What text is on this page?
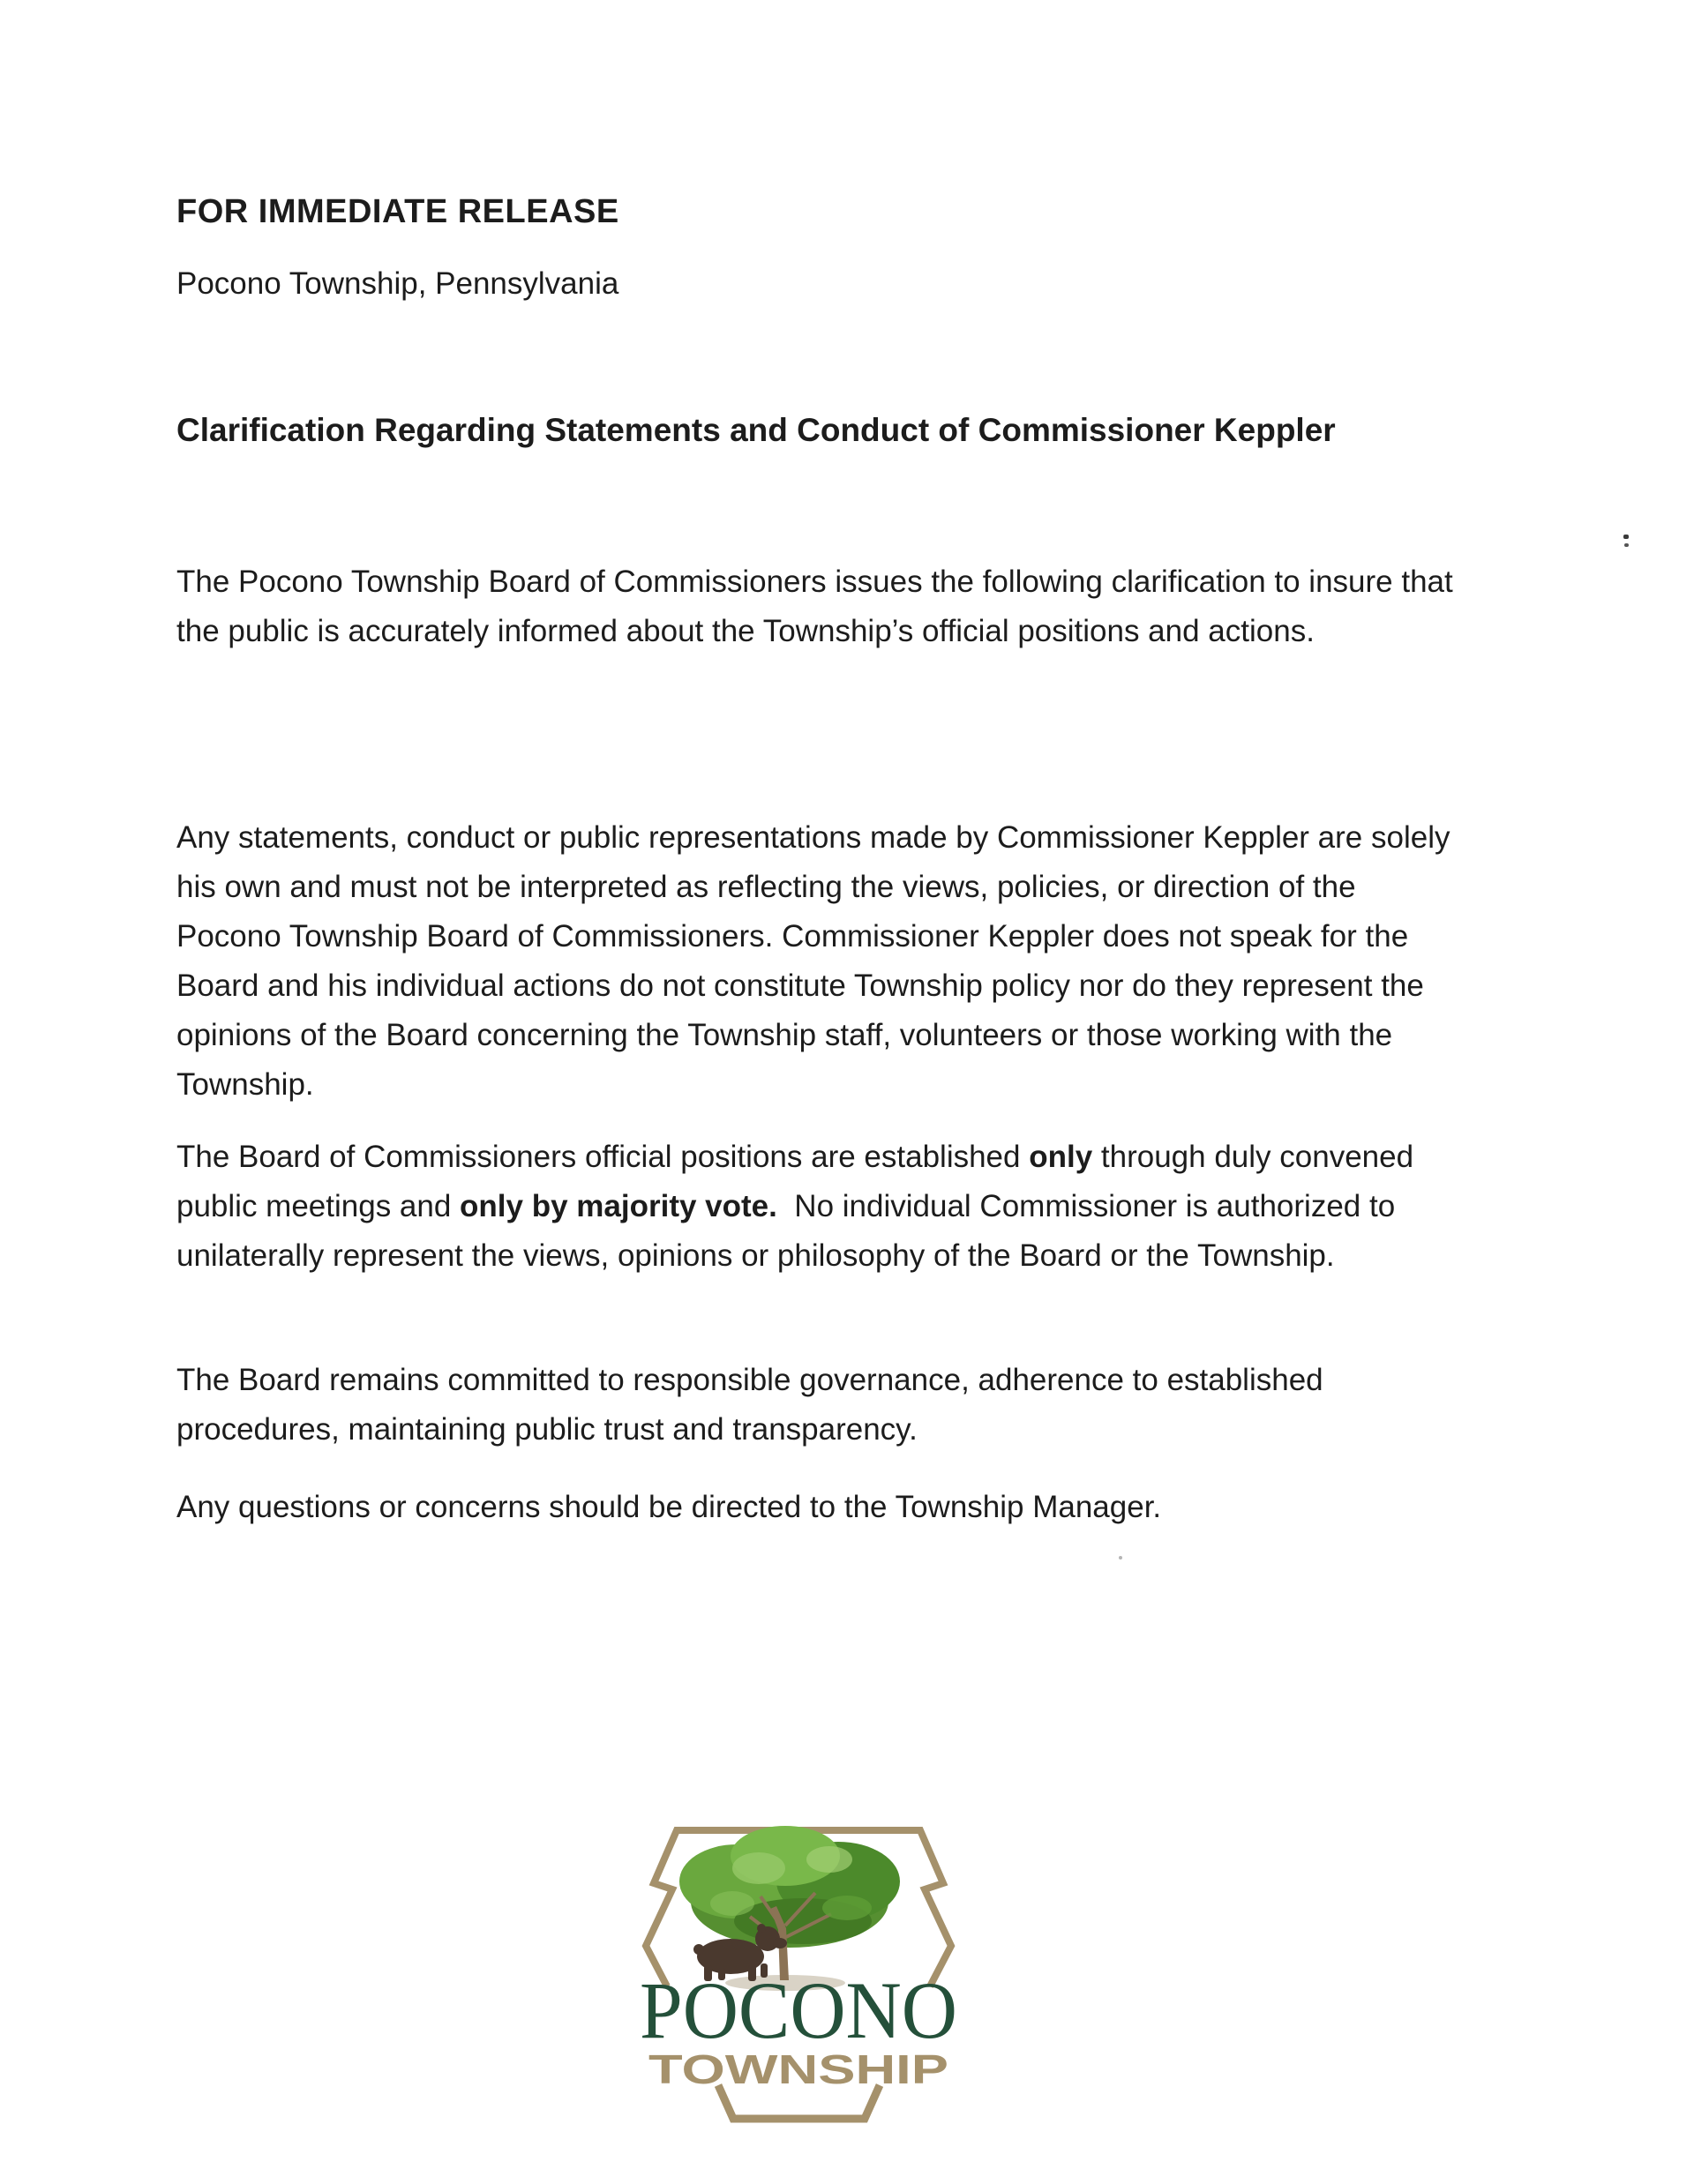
FOR IMMEDIATE RELEASE
Pocono Township, Pennsylvania
Clarification Regarding Statements and Conduct of Commissioner Keppler
The Pocono Township Board of Commissioners issues the following clarification to insure that the public is accurately informed about the Township’s official positions and actions.
Any statements, conduct or public representations made by Commissioner Keppler are solely his own and must not be interpreted as reflecting the views, policies, or direction of the Pocono Township Board of Commissioners. Commissioner Keppler does not speak for the Board and his individual actions do not constitute Township policy nor do they represent the opinions of the Board concerning the Township staff, volunteers or those working with the Township.
The Board of Commissioners official positions are established only through duly convened public meetings and only by majority vote.  No individual Commissioner is authorized to unilaterally represent the views, opinions or philosophy of the Board or the Township.
The Board remains committed to responsible governance, adherence to established procedures, maintaining public trust and transparency.
Any questions or concerns should be directed to the Township Manager.
POCONO
TOWNSHIP
